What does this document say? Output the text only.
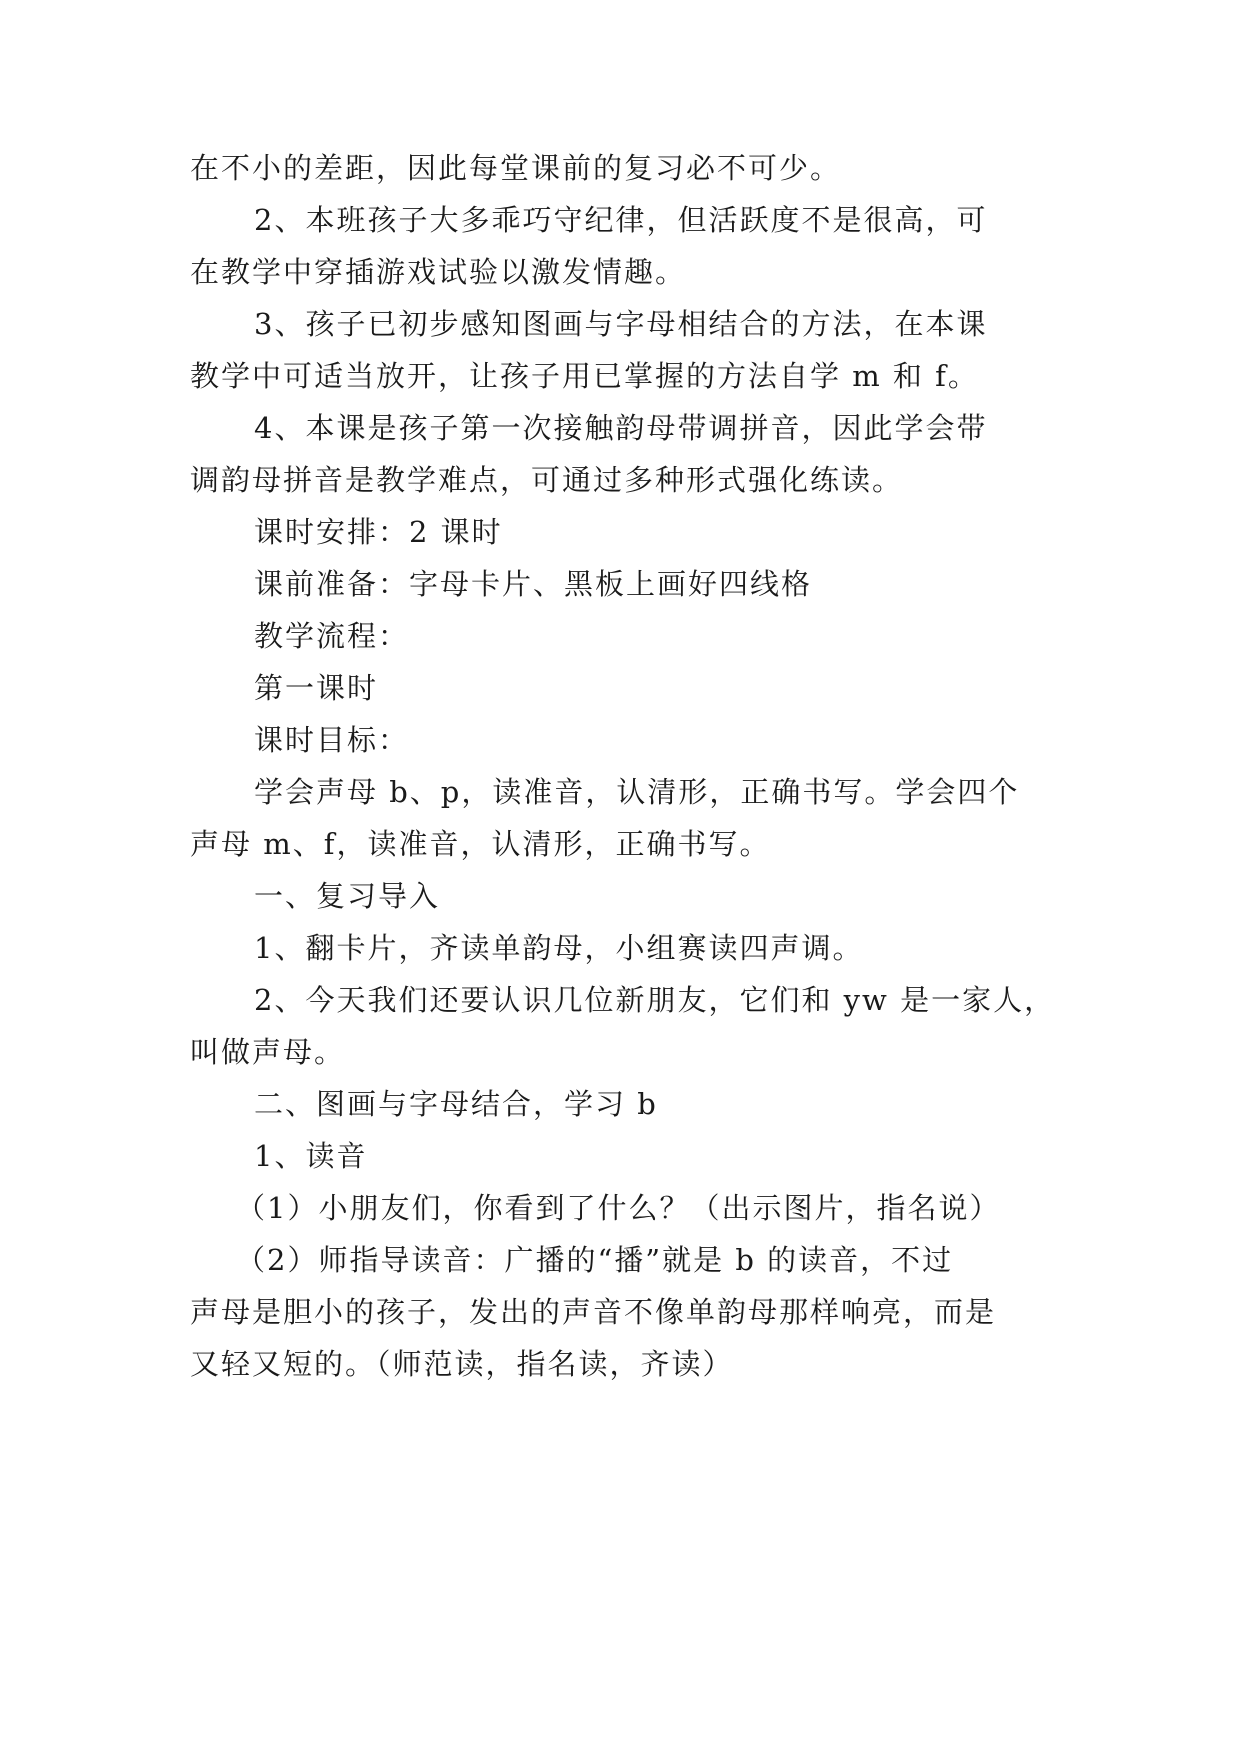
在不小的差距，因此每堂课前的复习必不可少。
2、本班孩子大多乖巧守纪律，但活跃度不是很高，可
在教学中穿插游戏试验以激发情趣。
3、孩子已初步感知图画与字母相结合的方法，在本课
教学中可适当放开，让孩子用已掌握的方法自学 m 和 f。
4、本课是孩子第一次接触韵母带调拼音，因此学会带
调韵母拼音是教学难点，可通过多种形式强化练读。
课时安排：2 课时
课前准备：字母卡片、黑板上画好四线格
教学流程：
第一课时
课时目标：
学会声母 b、p，读准音，认清形，正确书写。学会四个
声母 m、f，读准音，认清形，正确书写。
一、复习导入
1、翻卡片，齐读单韵母，小组赛读四声调。
2、今天我们还要认识几位新朋友，它们和 yw 是一家人，
叫做声母。
二、图画与字母结合，学习 b
1、读音
（1）小朋友们，你看到了什么？（出示图片，指名说）
（2）师指导读音：广播的“播”就是 b 的读音，不过
声母是胆小的孩子，发出的声音不像单韵母那样响亮，而是
又轻又短的。（师范读，指名读，齐读）
